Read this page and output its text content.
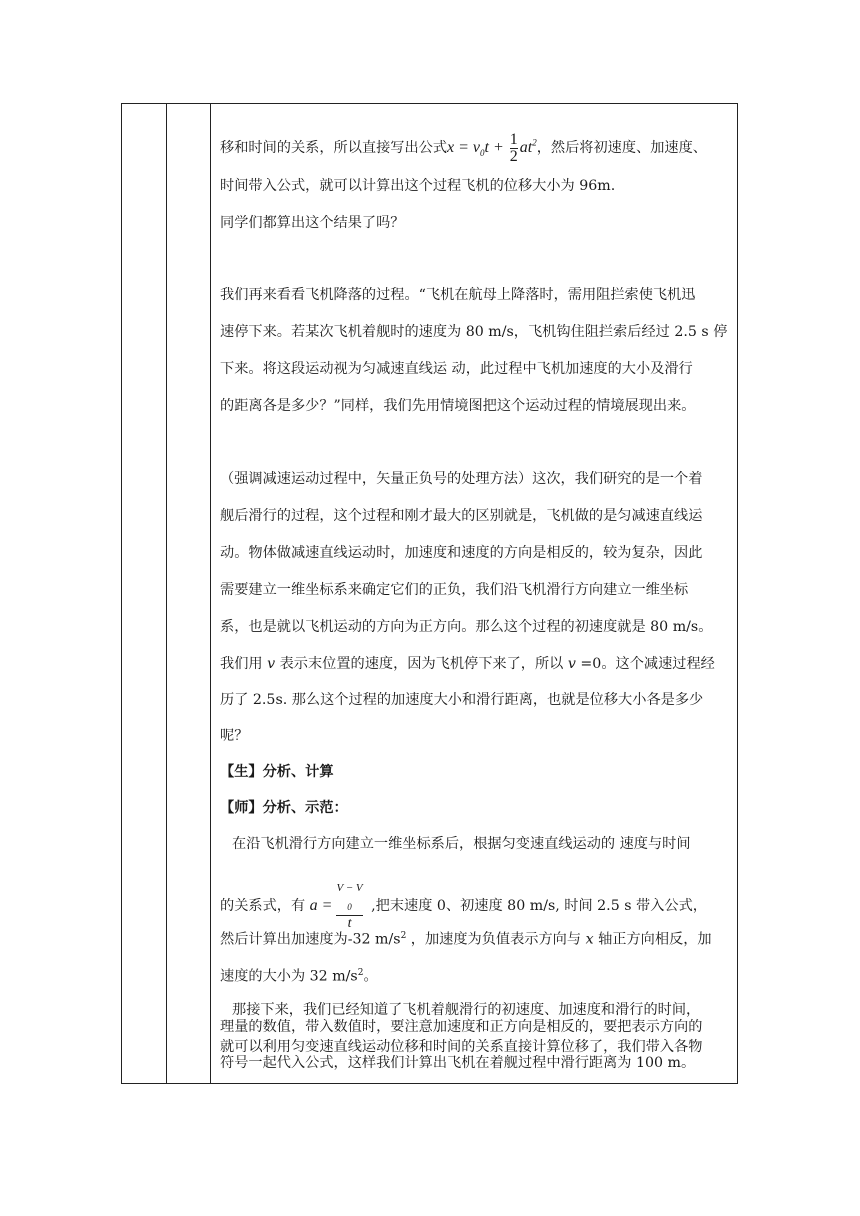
移和时间的关系，所以直接写出公式$x = v_0t + \frac{1}{2} at^2$，然后将初速度、加速度、
时间带入公式，就可以计算出这个过程飞机的位移大小为 96m.
同学们都算出这个结果了吗？
我们再来看看飞机降落的过程。“飞机在航母上降落时，需用阻拦索使飞机迅
速停下来。若某次飞机着舰时的速度为 80 m/s，飞机钩住阻拦索后经过 2.5 s 停
下来。将这段运动视为匀减速直线运 动，此过程中飞机加速度的大小及滑行
的距离各是多少？”同样，我们先用情境图把这个运动过程的情境展现出来。
（强调减速运动过程中，矢量正负号的处理方法）这次，我们研究的是一个着
舰后滑行的过程，这个过程和刚才最大的区别就是，飞机做的是匀减速直线运
动。物体做减速直线运动时，加速度和速度的方向是相反的，较为复杂，因此
需要建立一维坐标系来确定它们的正负，我们沿飞机滑行方向建立一维坐标
系，也是就以飞机运动的方向为正方向。那么这个过程的初速度就是 80 m/s。
我们用 v 表示末位置的速度，因为飞机停下来了，所以 v =0。这个减速过程经
历了 2.5s. 那么这个过程的加速度大小和滑行距离，也就是位移大小各是多少
呢？
【生】分析、计算
【师】分析、示范：
在沿飞机滑行方向建立一维坐标系后，根据匀变速直线运动的 速度与时间
的关系式，有 a =
V − V
$_0$
t
,把末速度 0、初速度 80 m/s, 时间 2.5 s 带入公式，
然后计算出加速度为-32 $m/s^2$ ，加速度为负值表示方向与 x 轴正方向相反，加
速度的大小为 32 $m/s^2$。
那接下来，我们已经知道了飞机着舰滑行的初速度、加速度和滑行的时间，
就可以利用匀变速直线运动位移和时间的关系直接计算位移了，我们带入各物
理量的数值，带入数值时，要注意加速度和正方向是相反的，要把表示方向的
符号一起代入公式，这样我们计算出飞机在着舰过程中滑行距离为 100 m。
